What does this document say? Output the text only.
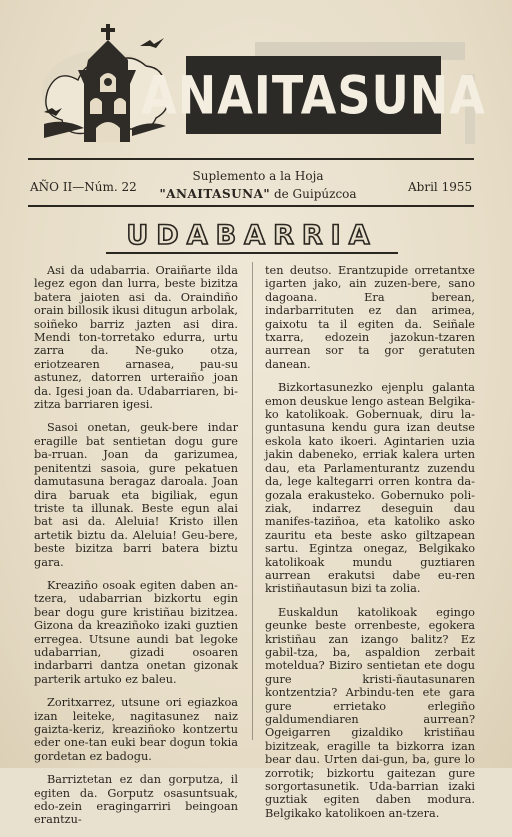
ANAITASUNA
AÑO II—Núm. 22
Suplemento a la Hoja
"ANAITASUNA" de Guipúzcoa	Abril 1955
UDABARRIA

Asi da udabarria. Oraiñarte ilda legez egon dan lurra, beste bizitza batera jaioten asi da. Oraindiño orain billosik ikusi ditugun arbolak, soiñeko barriz jazten asi dira. Mendi ton-torretako edurra, urtu zarra da. Ne-guko otza, eriotzearen arnasea, pau-su astunez, datorren urteraiño joan da. Igesi joan da. Udabarriaren, bi-zitza barriaren igesi.

Sasoi onetan, geuk-bere indar eragille bat sentietan dogu gure ba-rruan. Joan da garizumea, penitentzi sasoia, gure pekatuen damutasuna beragaz daroala. Joan dira baruak eta bigiliak, egun triste ta illunak. Beste egun alai bat asi da. Aleluia! Kristo illen artetik biztu da. Aleluia! Geu-bere, beste bizitza barri batera biztu gara.

Kreaziño osoak egiten daben an-tzera, udabarrian bizkortu egin bear dogu gure kristiñau bizitzea. Gizona da kreaziñoko izaki guztien erregea. Utsune aundi bat legoke udabarrian, gizadi osoaren indarbarri dantza onetan gizonak parterik artuko ez baleu.

Zoritxarrez, utsune ori egiazkoa izan leiteke, nagitasunez naiz gaizta-keriz, kreaziñoko kontzertu eder one-tan euki bear dogun tokia gordetan ez badogu.

Barriztetan ez dan gorputza, il egiten da. Gorputz osasuntsuak, edo-zein eragingarriri beingoan erantzu-

ten deutso. Erantzupide orretantxe igarten jako, ain zuzen-bere, sano dagoana. Era berean, indarbarrituten ez dan arimea, gaixotu ta il egiten da. Seiñale txarra, edozein jazokun-tzaren aurrean sor ta gor geratuten danean.

Bizkortasunezko ejenplu galanta emon deuskue lengo astean Belgika-ko katolikoak. Gobernuak, diru la-guntasuna kendu gura izan deutse eskola kato ikoeri. Agintarien uzia jakin dabeneko, erriak kalera urten dau, eta Parlamenturantz zuzendu da, lege kaltegarri orren kontra da-gozala erakusteko. Gobernuko poli-ziak, indarrez deseguin dau manifes-taziñoa, eta katoliko asko zauritu eta beste asko giltzapean sartu. Egintza onegaz, Belgikako katolikoak mundu guztiaren aurrean erakutsi dabe eu-ren kristiñautasun bizi ta zolia.

Euskaldun katolikoak egingo geunke beste orrenbeste, egokera kristiñau zan izango balitz? Ez gabil-tza, ba, aspaldion zerbait moteldua? Biziro sentietan ete dogu gure kristi-ñautasunaren kontzentzia? Arbindu-ten ete gara gure errietako erlegiño galdumendiaren aurrean? Ogeigarren gizaldiko kristiñau bizitzeak, eragille ta bizkorra izan bear dau. Urten dai-gun, ba, gure lo zorrotik; bizkortu gaitezan gure sorgortasunetik. Uda-barrian izaki guztiak egiten daben modura. Belgikako katolikoen an-tzera.
